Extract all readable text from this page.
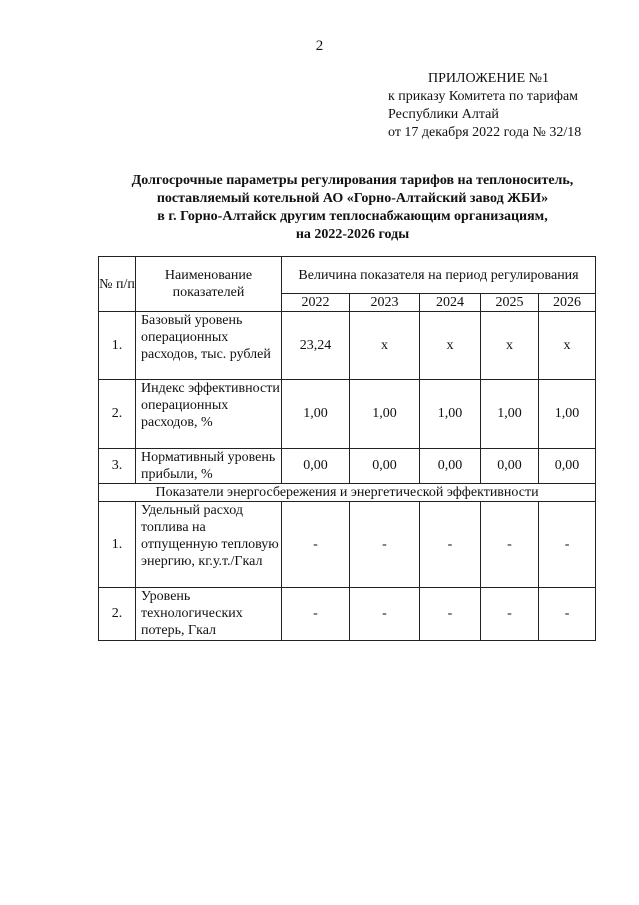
2
ПРИЛОЖЕНИЕ №1
к приказу Комитета по тарифам
Республики Алтай
от 17 декабря 2022 года № 32/18
Долгосрочные параметры регулирования тарифов на теплоноситель,
поставляемый котельной АО «Горно-Алтайский завод ЖБИ»
в г. Горно-Алтайск другим теплоснабжающим организациям,
на 2022-2026 годы
№ п/п	Наименование показателей	Величина показателя на период регулирования				
		2022	2023	2024	2025	2026
1.	Базовый уровень операционных расходов, тыс. рублей	23,24	х	х	х	х
2.	Индекс эффективности операционных расходов, %	1,00	1,00	1,00	1,00	1,00
3.	Нормативный уровень прибыли, %	0,00	0,00	0,00	0,00	0,00
Показатели энергосбережения и энергетической эффективности						
1.	Удельный расход топлива на отпущенную тепловую энергию, кг.у.т./Гкал	-	-	-	-	-
2.	Уровень технологических потерь, Гкал	-	-	-	-	-
